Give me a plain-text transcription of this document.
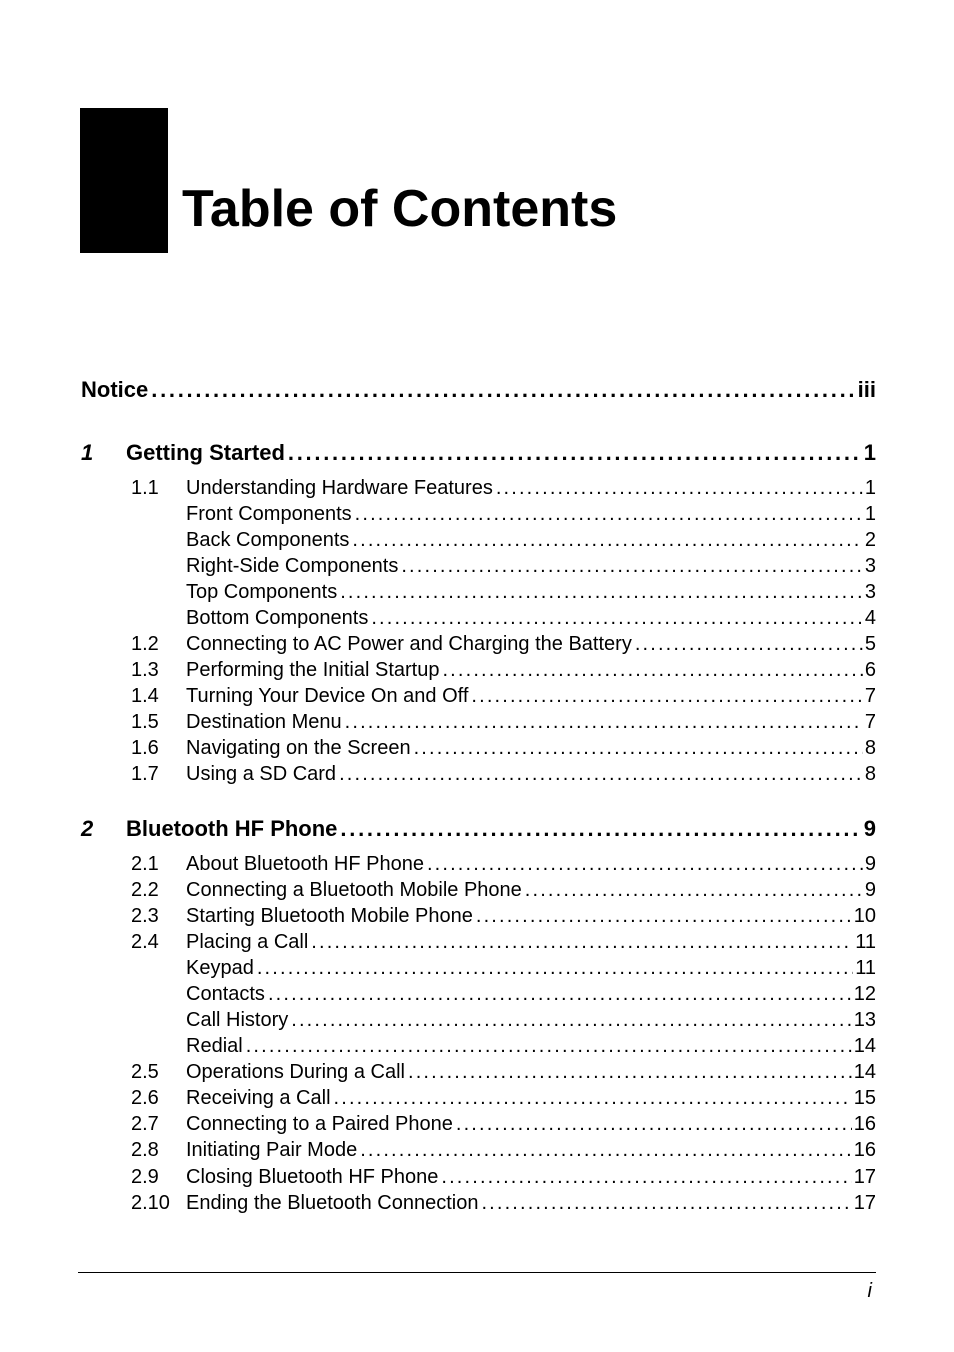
Table of Contents
Notice . . .	iii
1 Getting Started . . .	1
1.1 Understanding Hardware Features . . .	1
Front Components . . .	1
Back Components . . .	2
Right-Side Components . . .	3
Top Components . . .	3
Bottom Components . . .	4
1.2 Connecting to AC Power and Charging the Battery . . .	5
1.3 Performing the Initial Startup . . .	6
1.4 Turning Your Device On and Off . . .	7
1.5 Destination Menu . . .	7
1.6 Navigating on the Screen . . .	8
1.7 Using a SD Card . . .	8
2 Bluetooth HF Phone . . .	9
2.1 About Bluetooth HF Phone . . .	9
2.2 Connecting a Bluetooth Mobile Phone . . .	9
2.3 Starting Bluetooth Mobile Phone . . .	10
2.4 Placing a Call . . .	11
Keypad . . .	11
Contacts . . .	12
Call History . . .	13
Redial . . .	14
2.5 Operations During a Call . . .	14
2.6 Receiving a Call . . .	15
2.7 Connecting to a Paired Phone . . .	16
2.8 Initiating Pair Mode . . .	16
2.9 Closing Bluetooth HF Phone . . .	17
2.10 Ending the Bluetooth Connection . . .	17
i
